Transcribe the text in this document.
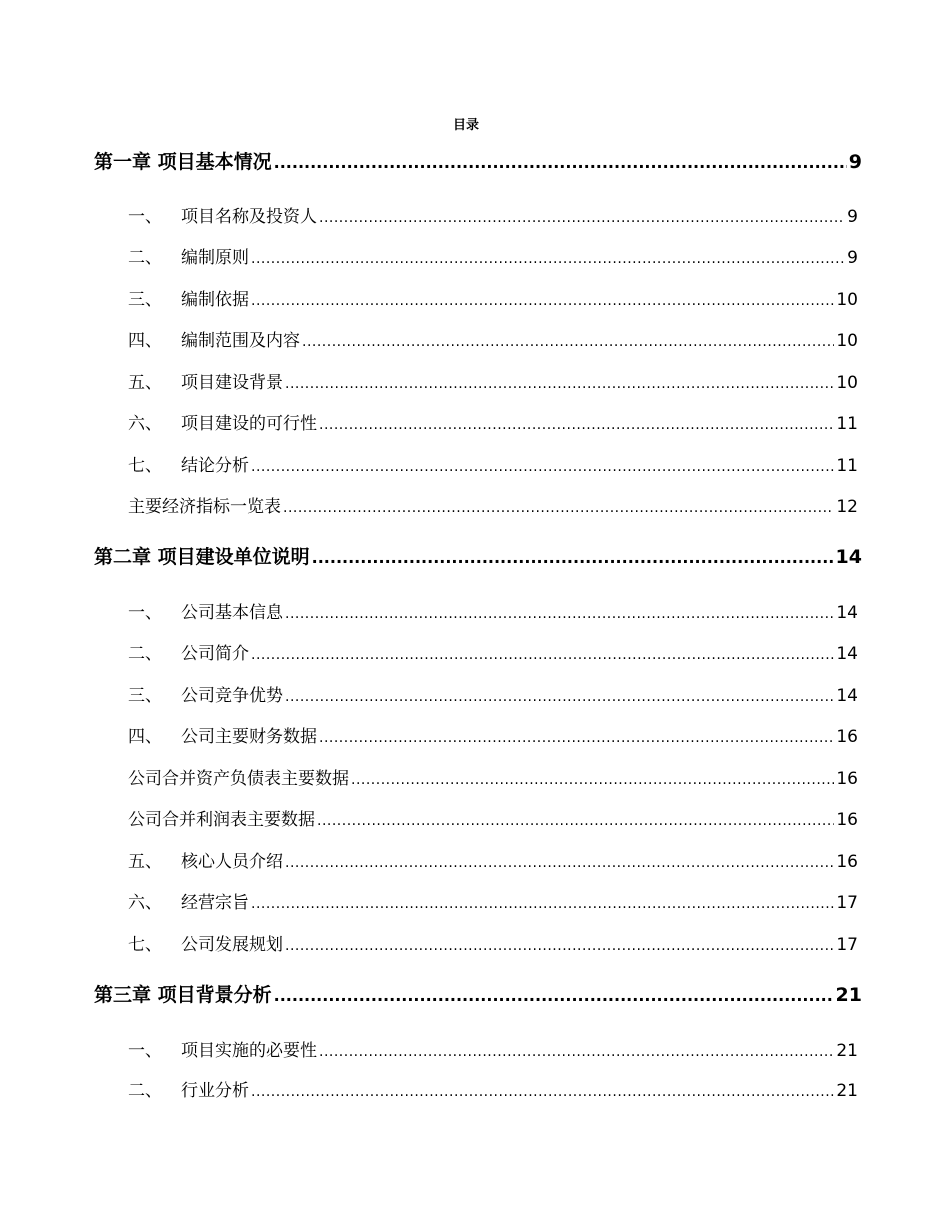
目录
第一章 项目基本情况 .....	9
一、	项目名称及投资人 .....	9
二、	编制原则 .....	9
三、	编制依据 .....	10
四、	编制范围及内容 .....	10
五、	项目建设背景 .....	10
六、	项目建设的可行性 .....	11
七、	结论分析 .....	11
主要经济指标一览表 .....	12
第二章 项目建设单位说明 .....	14
一、	公司基本信息 .....	14
二、	公司简介 .....	14
三、	公司竞争优势 .....	14
四、	公司主要财务数据 .....	16
公司合并资产负债表主要数据 .....	16
公司合并利润表主要数据 .....	16
五、	核心人员介绍 .....	16
六、	经营宗旨 .....	17
七、	公司发展规划 .....	17
第三章 项目背景分析 .....	21
一、	项目实施的必要性 .....	21
二、	行业分析 .....	21
